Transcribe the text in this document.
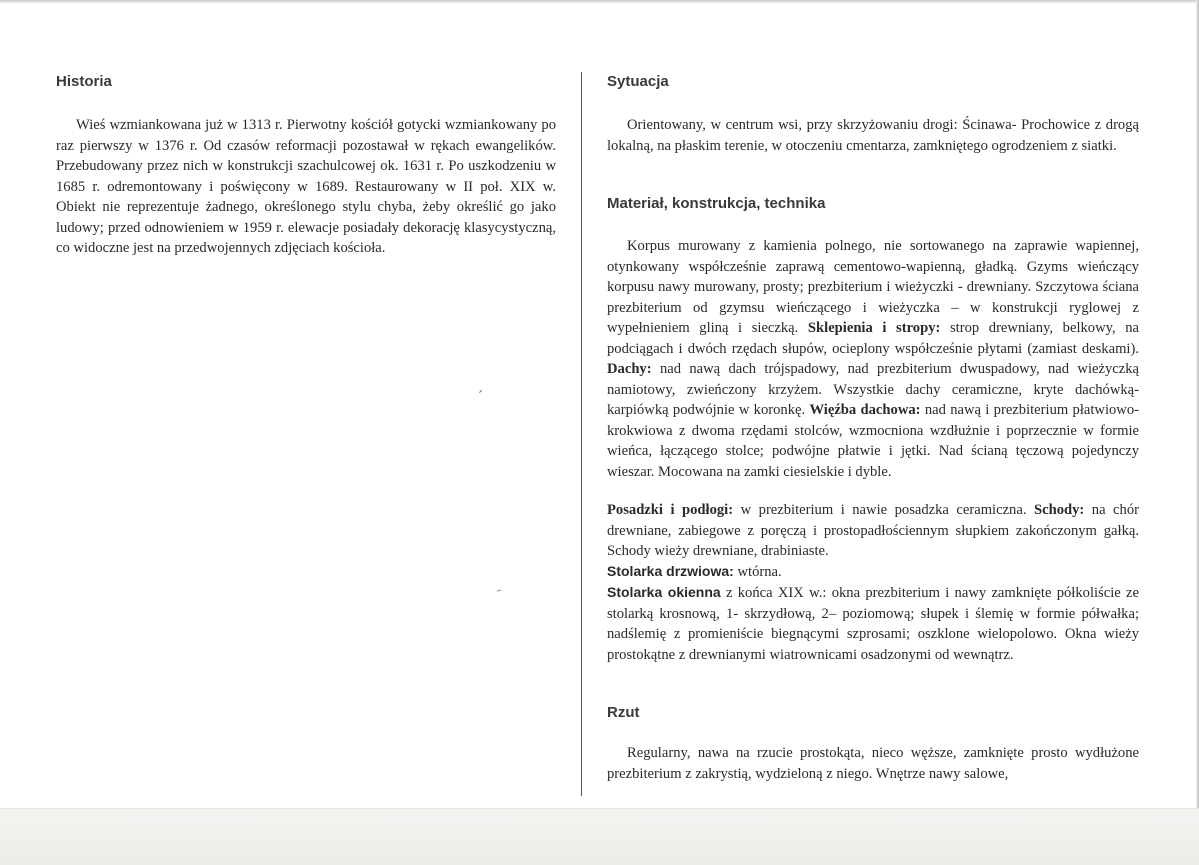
Historia

Wieś wzmiankowana już w 1313 r. Pierwotny kościół gotycki wzmiankowany po raz pierwszy w 1376 r. Od czasów reformacji pozostawał w rękach ewangelików. Przebudowany przez nich w konstrukcji szachulcowej ok. 1631 r. Po uszkodzeniu w 1685 r. odremontowany i poświęcony w 1689. Restaurowany w II poł. XIX w. Obiekt nie reprezentuje żadnego, określonego stylu chyba, żeby określić go jako ludowy; przed odnowieniem w 1959 r. elewacje posiadały dekorację klasycystyczną, co widoczne jest na przedwojennych zdjęciach kościoła.

Sytuacja

Orientowany, w centrum wsi, przy skrzyżowaniu drogi: Ścinawa- Prochowice z drogą lokalną, na płaskim terenie, w otoczeniu cmentarza, zamkniętego ogrodzeniem z siatki.

Materiał, konstrukcja, technika

Korpus murowany z kamienia polnego, nie sortowanego na zaprawie wapiennej, otynkowany współcześnie zaprawą cementowo-wapienną, gładką. Gzyms wieńczący korpusu nawy murowany, prosty; prezbiterium i wieżyczki - drewniany. Szczytowa ściana prezbiterium od gzymsu wieńczącego i wieżyczka – w konstrukcji ryglowej z wypełnieniem gliną i sieczką. Sklepienia i stropy: strop drewniany, belkowy, na podciągach i dwóch rzędach słupów, ocieplony współcześnie płytami (zamiast deskami). Dachy: nad nawą dach trójspadowy, nad prezbiterium dwuspadowy, nad wieżyczką namiotowy, zwieńczony krzyżem. Wszystkie dachy ceramiczne, kryte dachówką-karpiówką podwójnie w koronkę. Więźba dachowa: nad nawą i prezbiterium płatwiowo-krokwiowa z dwoma rzędami stolców, wzmocniona wzdłużnie i poprzecznie w formie wieńca, łączącego stolce; podwójne płatwie i jętki. Nad ścianą tęczową pojedynczy wieszar. Mocowana na zamki ciesielskie i dyble.

Posadzki i podłogi: w prezbiterium i nawie posadzka ceramiczna. Schody: na chór drewniane, zabiegowe z poręczą i prostopadłościennym słupkiem zakończonym gałką. Schody wieży drewniane, drabiniaste.

Stolarka drzwiowa: wtórna.

Stolarka okienna z końca XIX w.: okna prezbiterium i nawy zamknięte półkoliście ze stolarką krosnową, 1- skrzydłową, 2– poziomową; słupek i ślemię w formie półwałka; nadślemię z promieniście biegnącymi szprosami; oszklone wielopolowo. Okna wieży prostokątne z drewnianymi wiatrownicami osadzonymi od wewnątrz.

Rzut

Regularny, nawa na rzucie prostokąta, nieco węższe, zamknięte prosto wydłużone prezbiterium z zakrystią, wydzieloną z niego. Wnętrze nawy salowe,
